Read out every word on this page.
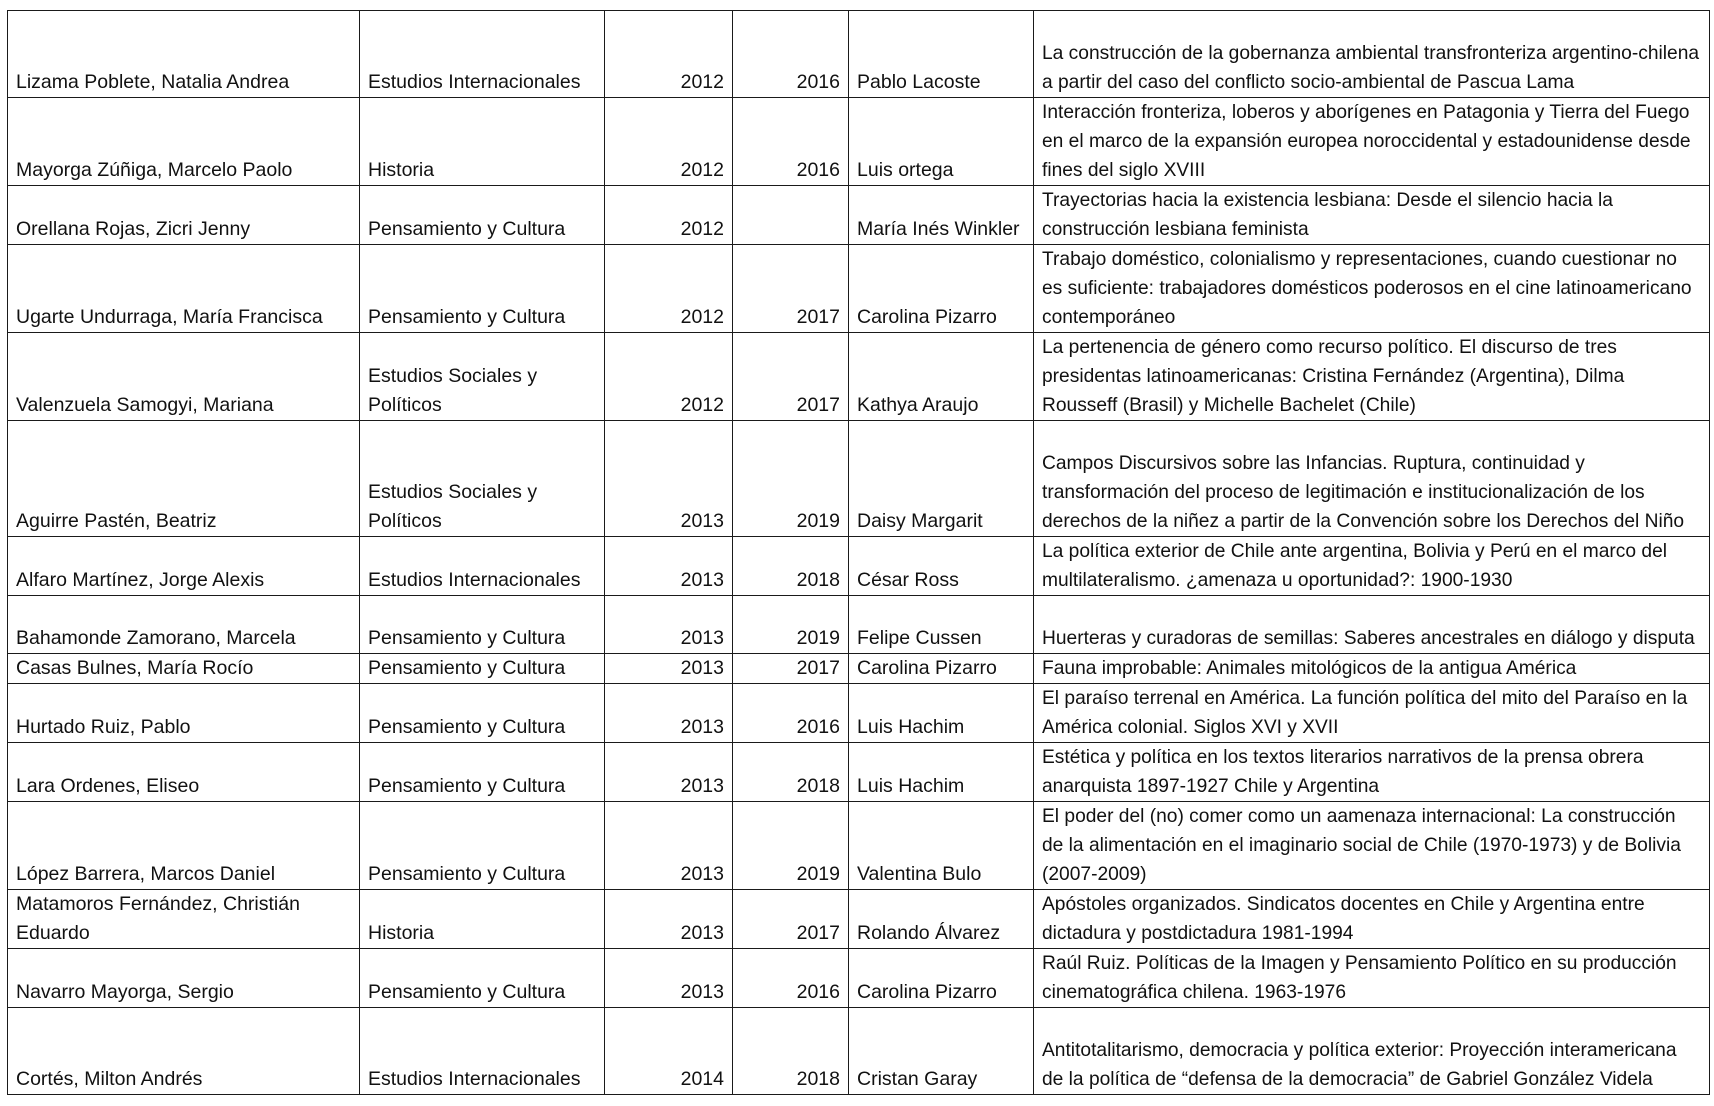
Lizama Poblete, Natalia Andrea	Estudios Internacionales	2012	2016	Pablo Lacoste	La construcción de la gobernanza ambiental transfronteriza argentino-chilena a partir del caso del conflicto socio-ambiental de Pascua Lama
Mayorga Zúñiga, Marcelo Paolo	Historia	2012	2016	Luis ortega	Interacción fronteriza, loberos y aborígenes en Patagonia y Tierra del Fuego en el marco de la expansión europea noroccidental y estadounidense desde fines del siglo XVIII
Orellana Rojas, Zicri Jenny	Pensamiento y Cultura	2012		María Inés Winkler	Trayectorias hacia la existencia lesbiana: Desde el silencio hacia la construcción lesbiana feminista
Ugarte Undurraga, María Francisca	Pensamiento y Cultura	2012	2017	Carolina Pizarro	Trabajo doméstico, colonialismo y representaciones, cuando cuestionar no es suficiente: trabajadores domésticos poderosos en el cine latinoamericano contemporáneo
Valenzuela Samogyi, Mariana	Estudios Sociales y Políticos	2012	2017	Kathya Araujo	La pertenencia de género como recurso político. El discurso de tres presidentas latinoamericanas: Cristina Fernández (Argentina), Dilma Rousseff (Brasil) y Michelle Bachelet (Chile)
Aguirre Pastén, Beatriz	Estudios Sociales y Políticos	2013	2019	Daisy Margarit	Campos Discursivos sobre las Infancias. Ruptura, continuidad y transformación del proceso de legitimación e institucionalización de los derechos de la niñez a partir de la Convención sobre los Derechos del Niño
Alfaro Martínez, Jorge Alexis	Estudios Internacionales	2013	2018	César Ross	La política exterior de Chile ante argentina, Bolivia y Perú en el marco del multilateralismo. ¿amenaza u oportunidad?: 1900-1930
Bahamonde Zamorano, Marcela	Pensamiento y Cultura	2013	2019	Felipe Cussen	Huerteras y curadoras de semillas: Saberes ancestrales en diálogo y disputa
Casas Bulnes, María Rocío	Pensamiento y Cultura	2013	2017	Carolina Pizarro	Fauna improbable: Animales mitológicos de la antigua América
Hurtado Ruiz, Pablo	Pensamiento y Cultura	2013	2016	Luis Hachim	El paraíso terrenal en América. La función política del mito del Paraíso en la América colonial. Siglos XVI y XVII
Lara Ordenes, Eliseo	Pensamiento y Cultura	2013	2018	Luis Hachim	Estética y política en los textos literarios narrativos de la prensa obrera anarquista 1897-1927 Chile y Argentina
López Barrera, Marcos Daniel	Pensamiento y Cultura	2013	2019	Valentina Bulo	El poder del (no) comer como un aamenaza internacional: La construcción de la alimentación en el imaginario social de Chile (1970-1973) y de Bolivia (2007-2009)
Matamoros Fernández, Christián Eduardo	Historia	2013	2017	Rolando Álvarez	Apóstoles organizados. Sindicatos docentes en Chile y Argentina entre dictadura y postdictadura 1981-1994
Navarro Mayorga, Sergio	Pensamiento y Cultura	2013	2016	Carolina Pizarro	Raúl Ruiz. Políticas de la Imagen y Pensamiento Político en su producción cinematográfica chilena. 1963-1976
Cortés, Milton Andrés	Estudios Internacionales	2014	2018	Cristan Garay	Antitotalitarismo, democracia y política exterior: Proyección interamericana de la política de “defensa de la democracia” de Gabriel González Videla
